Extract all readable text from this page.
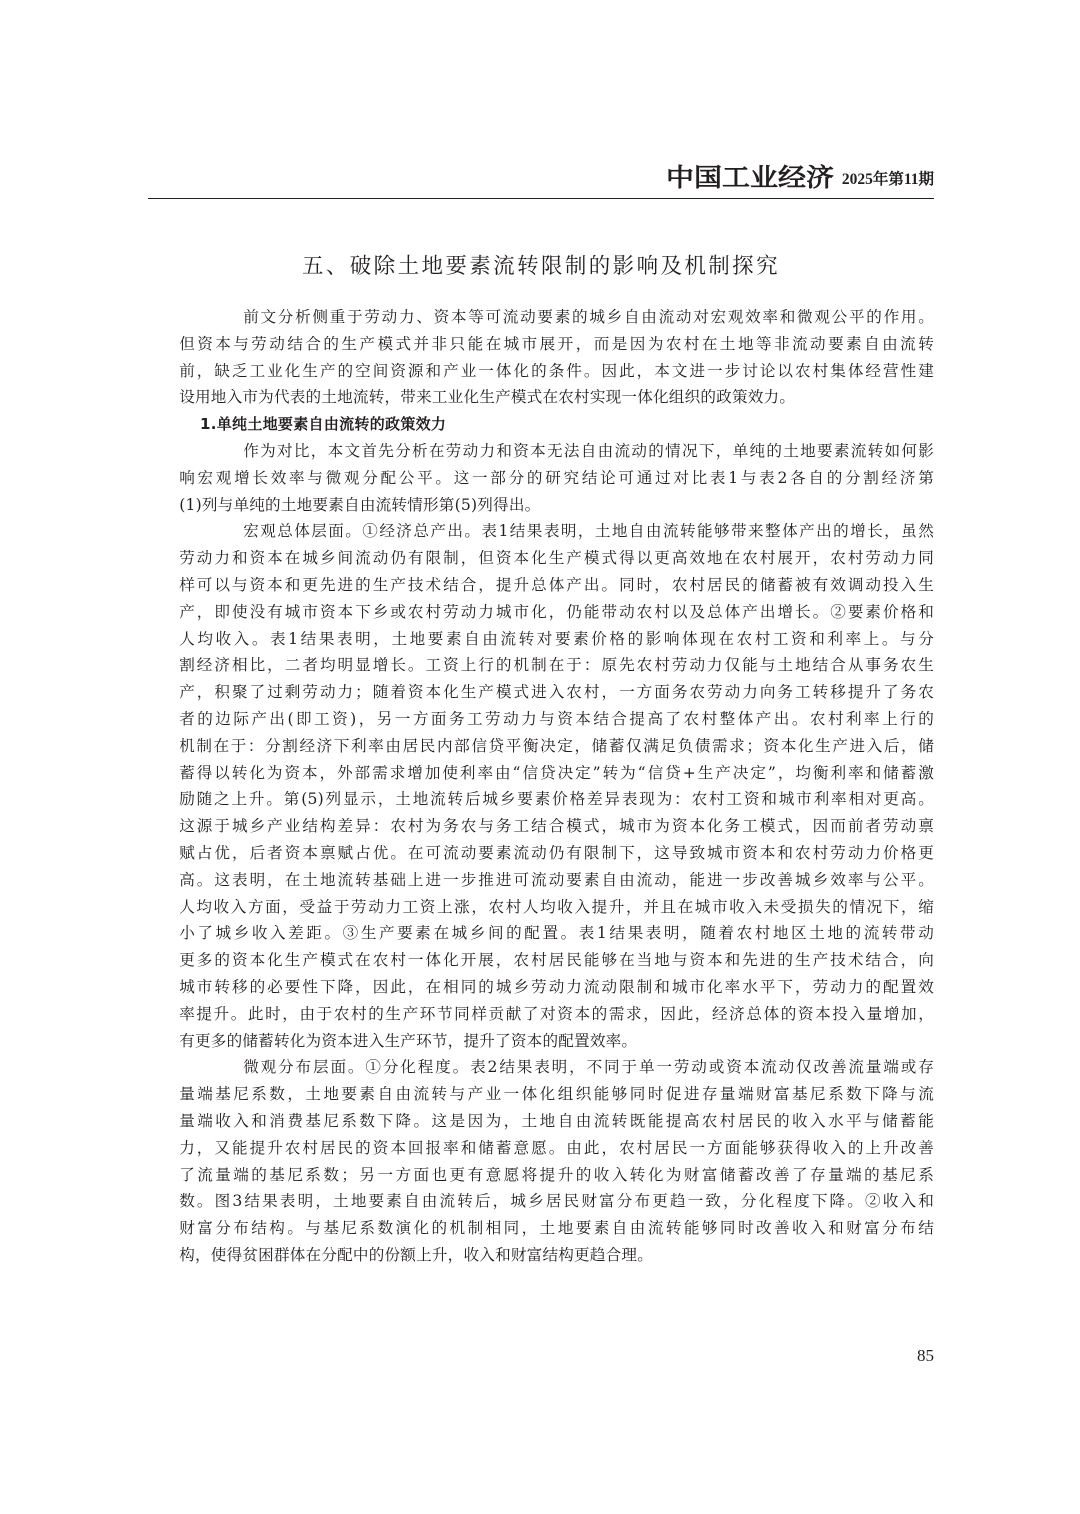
中国工业经济 2025年第11期
五、破除土地要素流转限制的影响及机制探究
前文分析侧重于劳动力、资本等可流动要素的城乡自由流动对宏观效率和微观公平的作用。
但资本与劳动结合的生产模式并非只能在城市展开，而是因为农村在土地等非流动要素自由流转
前，缺乏工业化生产的空间资源和产业一体化的条件。因此，本文进一步讨论以农村集体经营性建
设用地入市为代表的土地流转，带来工业化生产模式在农村实现一体化组织的政策效力。
1.单纯土地要素自由流转的政策效力
作为对比，本文首先分析在劳动力和资本无法自由流动的情况下，单纯的土地要素流转如何影
响宏观增长效率与微观分配公平。这一部分的研究结论可通过对比表1与表2各自的分割经济第
(1)列与单纯的土地要素自由流转情形第(5)列得出。
宏观总体层面。①经济总产出。表1结果表明，土地自由流转能够带来整体产出的增长，虽然
劳动力和资本在城乡间流动仍有限制，但资本化生产模式得以更高效地在农村展开，农村劳动力同
样可以与资本和更先进的生产技术结合，提升总体产出。同时，农村居民的储蓄被有效调动投入生
产，即使没有城市资本下乡或农村劳动力城市化，仍能带动农村以及总体产出增长。②要素价格和
人均收入。表1结果表明，土地要素自由流转对要素价格的影响体现在农村工资和利率上。与分
割经济相比，二者均明显增长。工资上行的机制在于：原先农村劳动力仅能与土地结合从事务农生
产，积聚了过剩劳动力；随着资本化生产模式进入农村，一方面务农劳动力向务工转移提升了务农
者的边际产出(即工资)，另一方面务工劳动力与资本结合提高了农村整体产出。农村利率上行的
机制在于：分割经济下利率由居民内部信贷平衡决定，储蓄仅满足负债需求；资本化生产进入后，储
蓄得以转化为资本，外部需求增加使利率由“信贷决定”转为“信贷+生产决定”，均衡利率和储蓄激
励随之上升。第(5)列显示，土地流转后城乡要素价格差异表现为：农村工资和城市利率相对更高。
这源于城乡产业结构差异：农村为务农与务工结合模式，城市为资本化务工模式，因而前者劳动禀
赋占优，后者资本禀赋占优。在可流动要素流动仍有限制下，这导致城市资本和农村劳动力价格更
高。这表明，在土地流转基础上进一步推进可流动要素自由流动，能进一步改善城乡效率与公平。
人均收入方面，受益于劳动力工资上涨，农村人均收入提升，并且在城市收入未受损失的情况下，缩
小了城乡收入差距。③生产要素在城乡间的配置。表1结果表明，随着农村地区土地的流转带动
更多的资本化生产模式在农村一体化开展，农村居民能够在当地与资本和先进的生产技术结合，向
城市转移的必要性下降，因此，在相同的城乡劳动力流动限制和城市化率水平下，劳动力的配置效
率提升。此时，由于农村的生产环节同样贡献了对资本的需求，因此，经济总体的资本投入量增加，
有更多的储蓄转化为资本进入生产环节，提升了资本的配置效率。
微观分布层面。①分化程度。表2结果表明，不同于单一劳动或资本流动仅改善流量端或存
量端基尼系数，土地要素自由流转与产业一体化组织能够同时促进存量端财富基尼系数下降与流
量端收入和消费基尼系数下降。这是因为，土地自由流转既能提高农村居民的收入水平与储蓄能
力，又能提升农村居民的资本回报率和储蓄意愿。由此，农村居民一方面能够获得收入的上升改善
了流量端的基尼系数；另一方面也更有意愿将提升的收入转化为财富储蓄改善了存量端的基尼系
数。图3结果表明，土地要素自由流转后，城乡居民财富分布更趋一致，分化程度下降。②收入和
财富分布结构。与基尼系数演化的机制相同，土地要素自由流转能够同时改善收入和财富分布结
构，使得贫困群体在分配中的份额上升，收入和财富结构更趋合理。
85
